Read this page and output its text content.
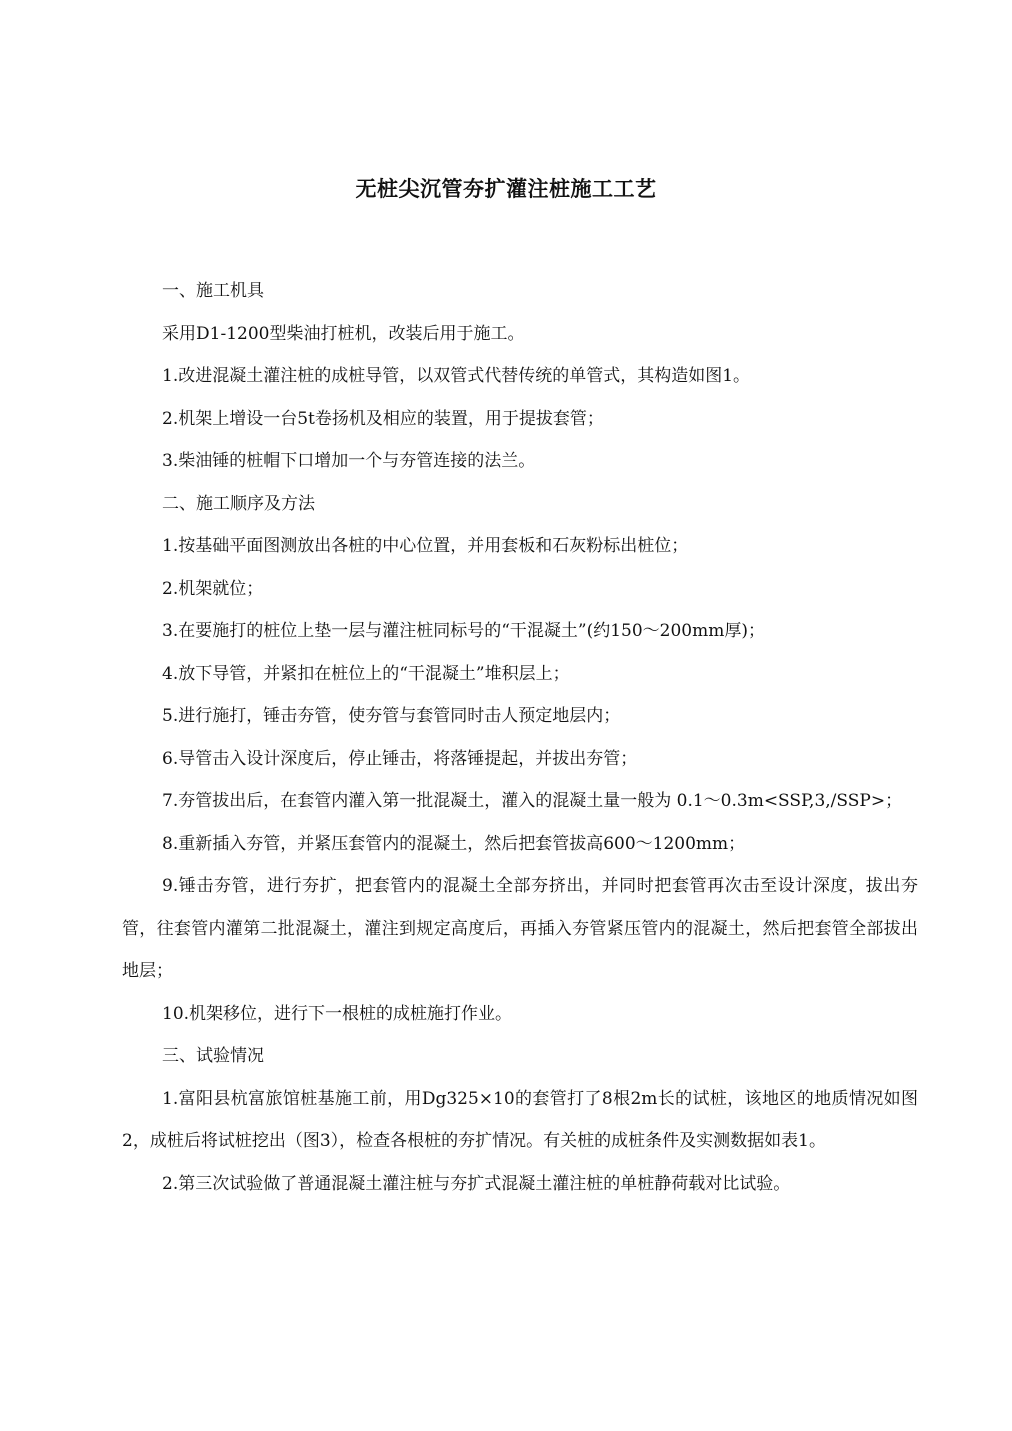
无桩尖沉管夯扩灌注桩施工工艺

一、施工机具

采用D1-1200型柴油打桩机，改装后用于施工。

1.改进混凝土灌注桩的成桩导管，以双管式代替传统的单管式，其构造如图1。

2.机架上增设一台5t卷扬机及相应的装置，用于提拔套管；

3.柴油锤的桩帽下口增加一个与夯管连接的法兰。

二、施工顺序及方法

1.按基础平面图测放出各桩的中心位置，并用套板和石灰粉标出桩位；

2.机架就位；

3.在要施打的桩位上垫一层与灌注桩同标号的“干混凝土”(约150～200mm厚)；

4.放下导管，并紧扣在桩位上的“干混凝土”堆积层上；

5.进行施打，锤击夯管，使夯管与套管同时击人预定地层内；

6.导管击入设计深度后，停止锤击，将落锤提起，并拔出夯管；

7.夯管拔出后，在套管内灌入第一批混凝土，灌入的混凝土量一般为 0.1～0.3m<SSP,3,/SSP>；

8.重新插入夯管，并紧压套管内的混凝土，然后把套管拔高600～1200mm；

9.锤击夯管，进行夯扩，把套管内的混凝土全部夯挤出，并同时把套管再次击至设计深度，拔出夯管，往套管内灌第二批混凝土，灌注到规定高度后，再插入夯管紧压管内的混凝土，然后把套管全部拔出地层；

10.机架移位，进行下一根桩的成桩施打作业。

三、试验情况

1.富阳县杭富旅馆桩基施工前，用Dg325×10的套管打了8根2m长的试桩，该地区的地质情况如图2，成桩后将试桩挖出（图3），检查各根桩的夯扩情况。有关桩的成桩条件及实测数据如表1。

2.第三次试验做了普通混凝土灌注桩与夯扩式混凝土灌注桩的单桩静荷载对比试验。
